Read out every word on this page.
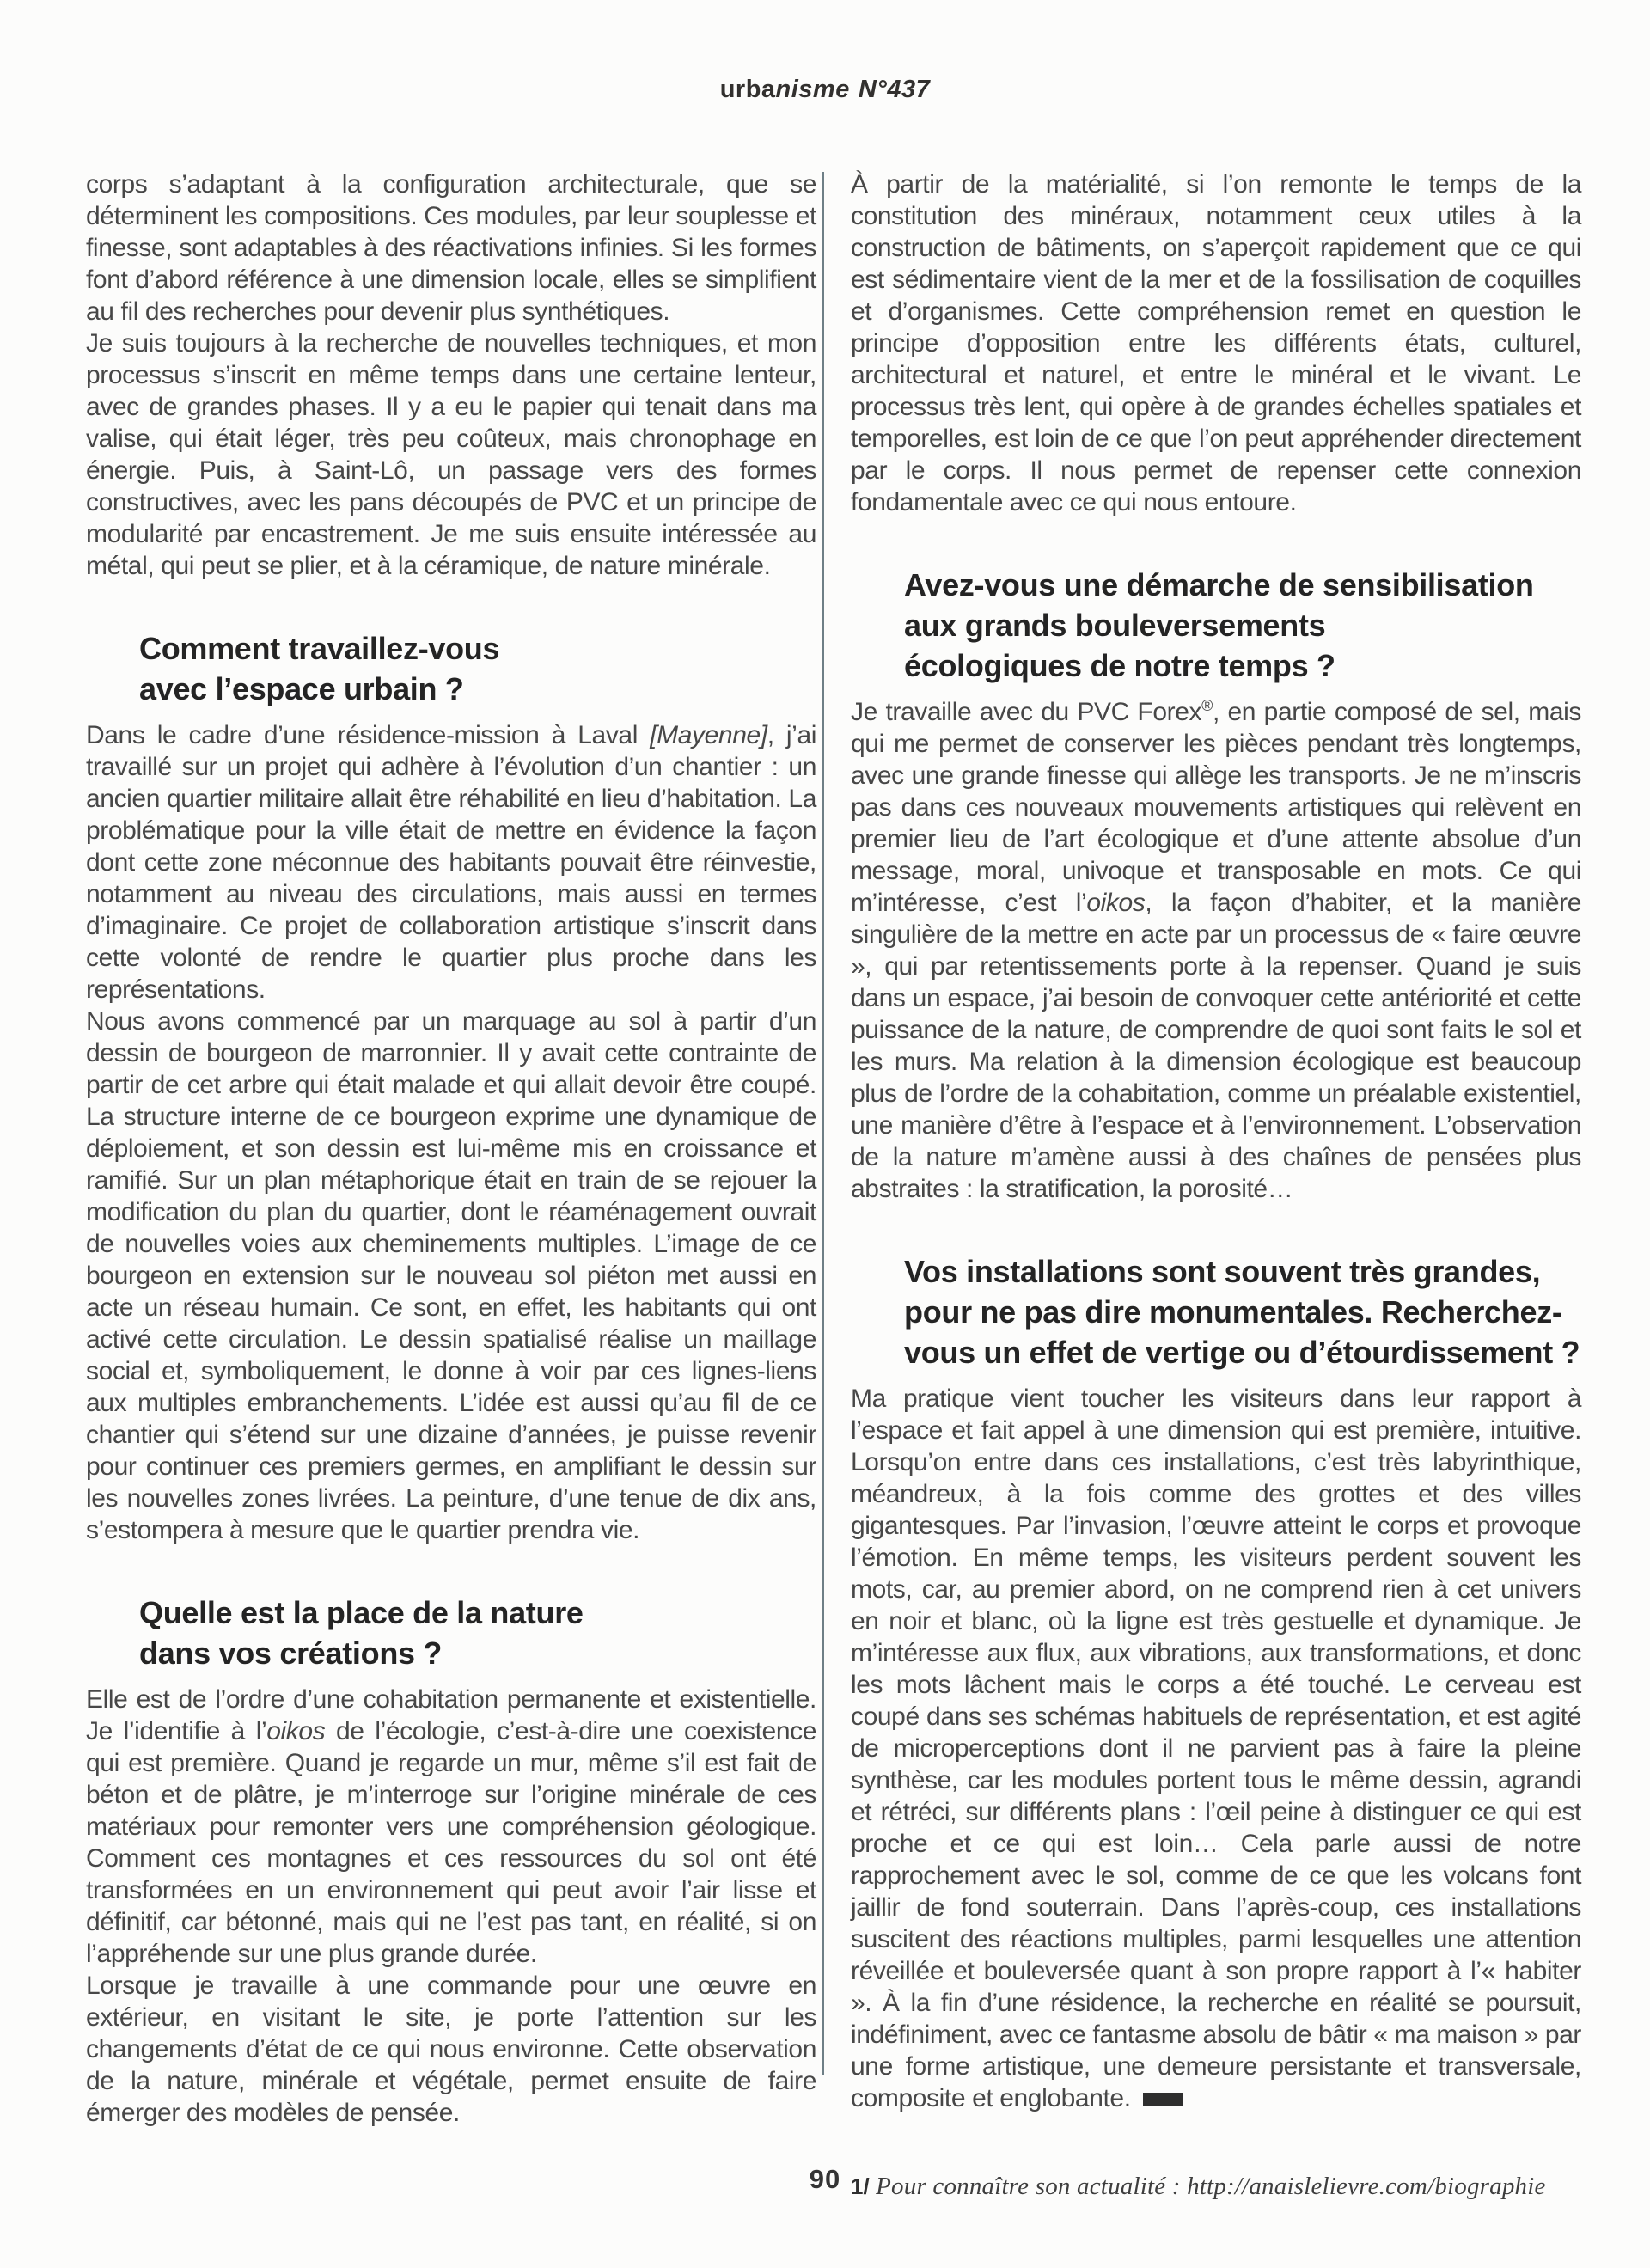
urbanisme N°437

corps s’adaptant à la configuration architecturale, que se déterminent les compositions. Ces modules, par leur souplesse et finesse, sont adaptables à des réactivations infinies. Si les formes font d’abord référence à une dimension locale, elles se simplifient au fil des recherches pour devenir plus synthétiques.

Je suis toujours à la recherche de nouvelles techniques, et mon processus s’inscrit en même temps dans une certaine lenteur, avec de grandes phases. Il y a eu le papier qui tenait dans ma valise, qui était léger, très peu coûteux, mais chronophage en énergie. Puis, à Saint-Lô, un passage vers des formes constructives, avec les pans découpés de PVC et un principe de modularité par encastrement. Je me suis ensuite intéressée au métal, qui peut se plier, et à la céramique, de nature minérale.

Comment travaillez-vous
avec l’espace urbain ?

Dans le cadre d’une résidence-mission à Laval [Mayenne], j’ai travaillé sur un projet qui adhère à l’évolution d’un chantier : un ancien quartier militaire allait être réhabilité en lieu d’habitation. La problématique pour la ville était de mettre en évidence la façon dont cette zone méconnue des habitants pouvait être réinvestie, notamment au niveau des circulations, mais aussi en termes d’imaginaire. Ce projet de collaboration artistique s’inscrit dans cette volonté de rendre le quartier plus proche dans les représentations.

Nous avons commencé par un marquage au sol à partir d’un dessin de bourgeon de marronnier. Il y avait cette contrainte de partir de cet arbre qui était malade et qui allait devoir être coupé. La structure interne de ce bourgeon exprime une dynamique de déploiement, et son dessin est lui-même mis en croissance et ramifié. Sur un plan métaphorique était en train de se rejouer la modification du plan du quartier, dont le réaménagement ouvrait de nouvelles voies aux cheminements multiples. L’image de ce bourgeon en extension sur le nouveau sol piéton met aussi en acte un réseau humain. Ce sont, en effet, les habitants qui ont activé cette circulation. Le dessin spatialisé réalise un maillage social et, symboliquement, le donne à voir par ces lignes-liens aux multiples embranchements. L’idée est aussi qu’au fil de ce chantier qui s’étend sur une dizaine d’années, je puisse revenir pour continuer ces premiers germes, en amplifiant le dessin sur les nouvelles zones livrées. La peinture, d’une tenue de dix ans, s’estompera à mesure que le quartier prendra vie.

Quelle est la place de la nature
dans vos créations ?

Elle est de l’ordre d’une cohabitation permanente et existentielle. Je l’identifie à l’oikos de l’écologie, c’est-à-dire une coexistence qui est première. Quand je regarde un mur, même s’il est fait de béton et de plâtre, je m’interroge sur l’origine minérale de ces matériaux pour remonter vers une compréhension géologique. Comment ces montagnes et ces ressources du sol ont été transformées en un environnement qui peut avoir l’air lisse et définitif, car bétonné, mais qui ne l’est pas tant, en réalité, si on l’appréhende sur une plus grande durée.

Lorsque je travaille à une commande pour une œuvre en extérieur, en visitant le site, je porte l’attention sur les changements d’état de ce qui nous environne. Cette observation de la nature, minérale et végétale, permet ensuite de faire émerger des modèles de pensée.

À partir de la matérialité, si l’on remonte le temps de la constitution des minéraux, notamment ceux utiles à la construction de bâtiments, on s’aperçoit rapidement que ce qui est sédimentaire vient de la mer et de la fossilisation de coquilles et d’organismes. Cette compréhension remet en question le principe d’opposition entre les différents états, culturel, architectural et naturel, et entre le minéral et le vivant. Le processus très lent, qui opère à de grandes échelles spatiales et temporelles, est loin de ce que l’on peut appréhender directement par le corps. Il nous permet de repenser cette connexion fondamentale avec ce qui nous entoure.

Avez-vous une démarche de sensibilisation
aux grands bouleversements
écologiques de notre temps ?

Je travaille avec du PVC Forex®, en partie composé de sel, mais qui me permet de conserver les pièces pendant très longtemps, avec une grande finesse qui allège les transports. Je ne m’inscris pas dans ces nouveaux mouvements artistiques qui relèvent en premier lieu de l’art écologique et d’une attente absolue d’un message, moral, univoque et transposable en mots. Ce qui m’intéresse, c’est l’oikos, la façon d’habiter, et la manière singulière de la mettre en acte par un processus de « faire œuvre », qui par retentissements porte à la repenser. Quand je suis dans un espace, j’ai besoin de convoquer cette antériorité et cette puissance de la nature, de comprendre de quoi sont faits le sol et les murs. Ma relation à la dimension écologique est beaucoup plus de l’ordre de la cohabitation, comme un préalable existentiel, une manière d’être à l’espace et à l’environnement. L’observation de la nature m’amène aussi à des chaînes de pensées plus abstraites : la stratification, la porosité…

Vos installations sont souvent très grandes,
pour ne pas dire monumentales. Recherchez-
vous un effet de vertige ou d’étourdissement ?

Ma pratique vient toucher les visiteurs dans leur rapport à l’espace et fait appel à une dimension qui est première, intuitive. Lorsqu’on entre dans ces installations, c’est très labyrinthique, méandreux, à la fois comme des grottes et des villes gigantesques. Par l’invasion, l’œuvre atteint le corps et provoque l’émotion. En même temps, les visiteurs perdent souvent les mots, car, au premier abord, on ne comprend rien à cet univers en noir et blanc, où la ligne est très gestuelle et dynamique. Je m’intéresse aux flux, aux vibrations, aux transformations, et donc les mots lâchent mais le corps a été touché. Le cerveau est coupé dans ses schémas habituels de représentation, et est agité de microperceptions dont il ne parvient pas à faire la pleine synthèse, car les modules portent tous le même dessin, agrandi et rétréci, sur différents plans : l’œil peine à distinguer ce qui est proche et ce qui est loin… Cela parle aussi de notre rapprochement avec le sol, comme de ce que les volcans font jaillir de fond souterrain. Dans l’après-coup, ces installations suscitent des réactions multiples, parmi lesquelles une attention réveillée et bouleversée quant à son propre rapport à l’« habiter ». À la fin d’une résidence, la recherche en réalité se poursuit, indéfiniment, avec ce fantasme absolu de bâtir « ma maison » par une forme artistique, une demeure persistante et transversale, composite et englobante.

1/ Pour connaître son actualité : http://anaislelievre.com/biographie
90
